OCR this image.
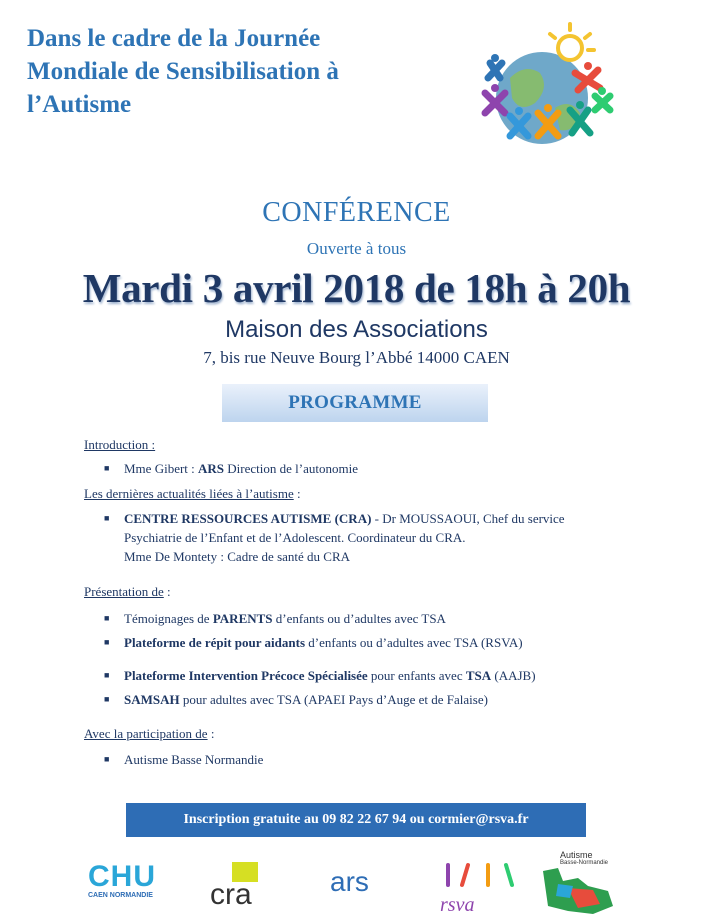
Dans le cadre de la Journée
Mondiale de Sensibilisation à
l’Autisme
CONFÉRENCE
Ouverte à tous
Mardi 3 avril 2018 de 18h à 20h
Maison des Associations
7, bis rue Neuve Bourg l’Abbé 14000 CAEN
PROGRAMME
Introduction :
■ Mme Gibert : ARS Direction de l’autonomie
Les dernières actualités liées à l’autisme :
■ CENTRE RESSOURCES AUTISME (CRA) - Dr MOUSSAOUI, Chef du service
Psychiatrie de l’Enfant et de l’Adolescent. Coordinateur du CRA.
Mme De Montety : Cadre de santé du CRA
Présentation de :
■ Témoignages de PARENTS d’enfants ou d’adultes avec TSA
■ Plateforme de répit pour aidants d’enfants ou d’adultes avec TSA (RSVA)
■ Plateforme Intervention Précoce Spécialisée pour enfants avec TSA (AAJB)
■ SAMSAH pour adultes avec TSA (APAEI Pays d’Auge et de Falaise)
Avec la participation de :
■ Autisme Basse Normandie
Inscription gratuite au 09 82 22 67 94 ou cormier@rsva.fr
CHU
CAEN NORMANDIE	cra	ars
rsva
Autisme
Basse-Normandie
